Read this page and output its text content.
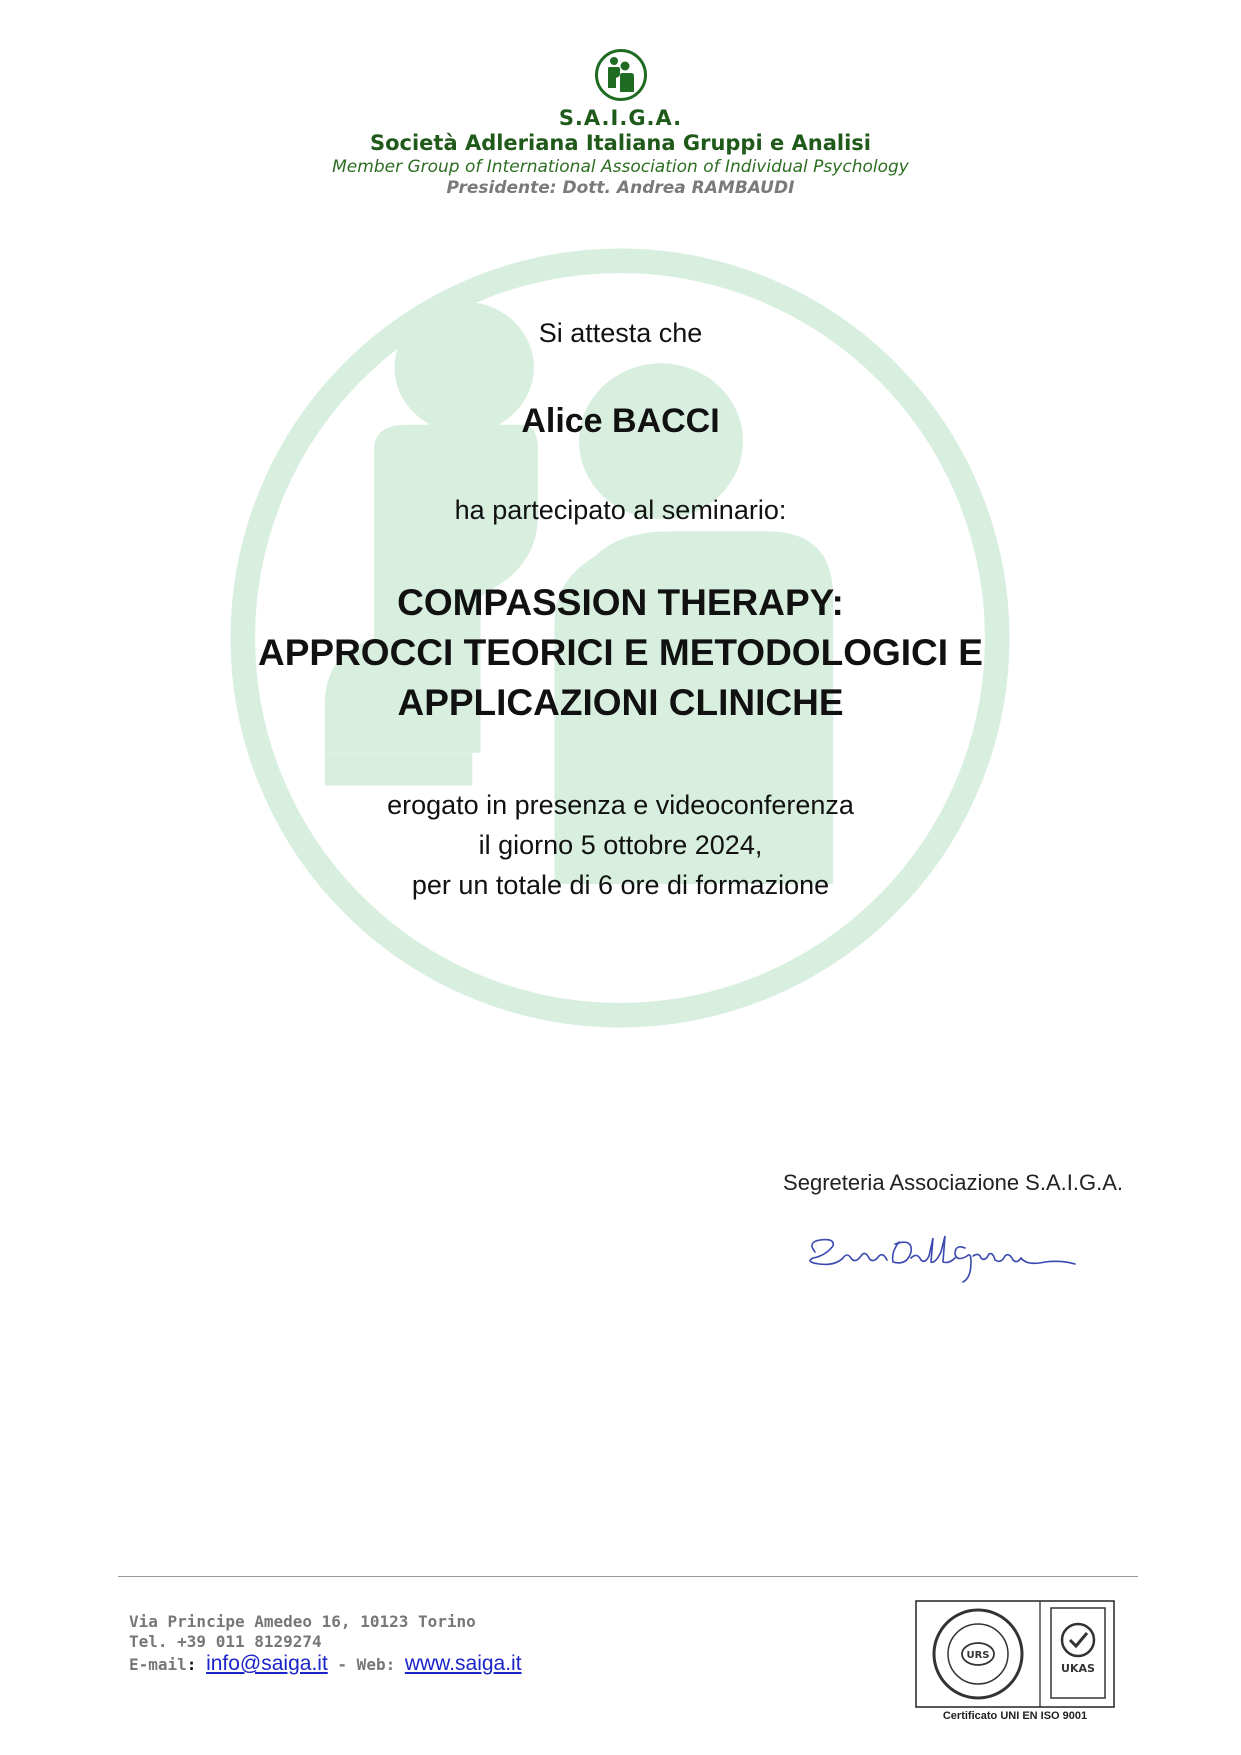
S.A.I.G.A.
Società Adleriana Italiana Gruppi e Analisi
Member Group of International Association of Individual Psychology
Presidente: Dott. Andrea RAMBAUDI
Si attesta che
Alice BACCI
ha partecipato al seminario:
COMPASSION THERAPY:
APPROCCI TEORICI E METODOLOGICI E
APPLICAZIONI CLINICHE
erogato in presenza e videoconferenza
il giorno 5 ottobre 2024,
per un totale di 6 ore di formazione
Segreteria Associazione S.A.I.G.A.
Via Principe Amedeo 16, 10123 Torino
Tel. +39 011 8129274
E-mail: info@saiga.it - Web: www.saiga.it	URS
UKAS
Certificato UNI EN ISO 9001
